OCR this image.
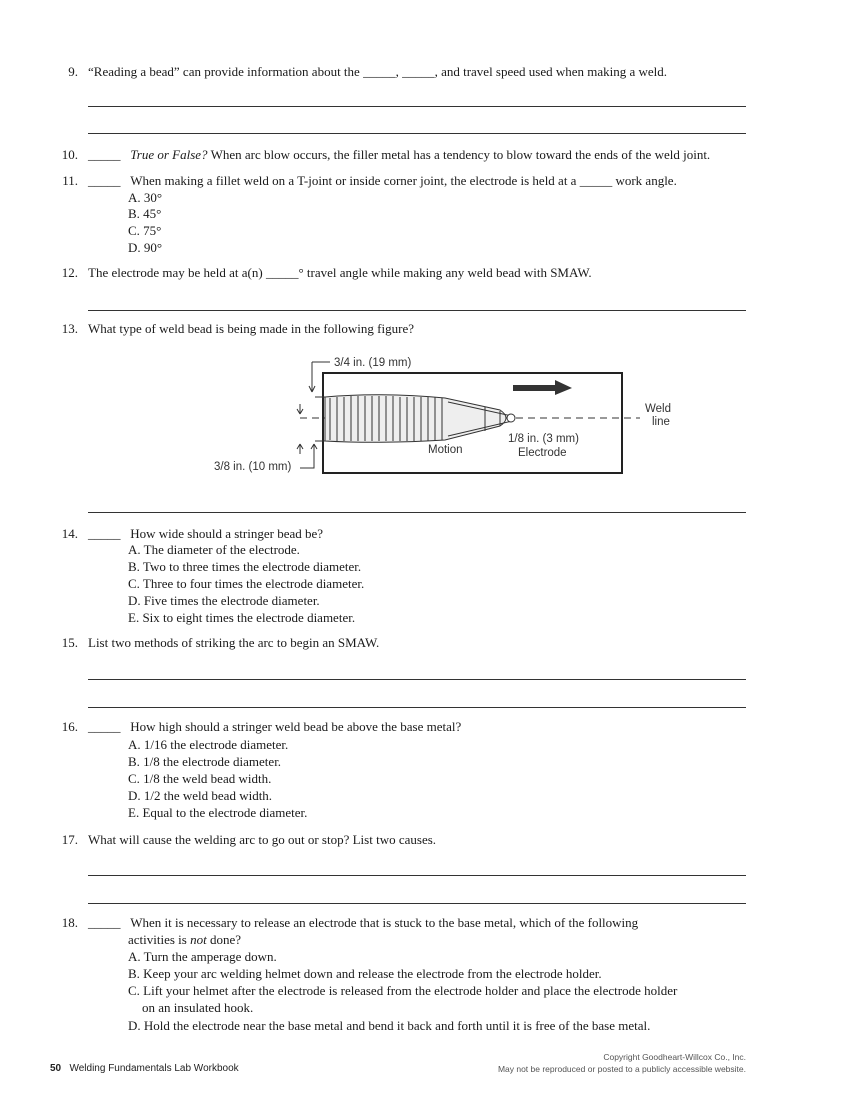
9. “Reading a bead” can provide information about the _____, _____, and travel speed used when making a weld.
10. _____ True or False? When arc blow occurs, the filler metal has a tendency to blow toward the ends of the weld joint.
11. _____ When making a fillet weld on a T-joint or inside corner joint, the electrode is held at a _____ work angle.
A. 30°
B. 45°
C. 75°
D. 90°
12. The electrode may be held at a(n) _____° travel angle while making any weld bead with SMAW.
13. What type of weld bead is being made in the following figure?
3/4 in. (19 mm)
3/8 in. (10 mm)
Motion
1/8 in. (3 mm)
Electrode
Weld
line
14. _____ How wide should a stringer bead be?
A. The diameter of the electrode.
B. Two to three times the electrode diameter.
C. Three to four times the electrode diameter.
D. Five times the electrode diameter.
E. Six to eight times the electrode diameter.
15. List two methods of striking the arc to begin an SMAW.
16. _____ How high should a stringer weld bead be above the base metal?
A. 1/16 the electrode diameter.
B. 1/8 the electrode diameter.
C. 1/8 the weld bead width.
D. 1/2 the weld bead width.
E. Equal to the electrode diameter.
17. What will cause the welding arc to go out or stop? List two causes.
18. _____ When it is necessary to release an electrode that is stuck to the base metal, which of the following
activities is not done?
A. Turn the amperage down.
B. Keep your arc welding helmet down and release the electrode from the electrode holder.
C. Lift your helmet after the electrode is released from the electrode holder and place the electrode holder
on an insulated hook.
D. Hold the electrode near the base metal and bend it back and forth until it is free of the base metal.
50 Welding Fundamentals Lab Workbook
Copyright Goodheart-Willcox Co., Inc.
May not be reproduced or posted to a publicly accessible website.
